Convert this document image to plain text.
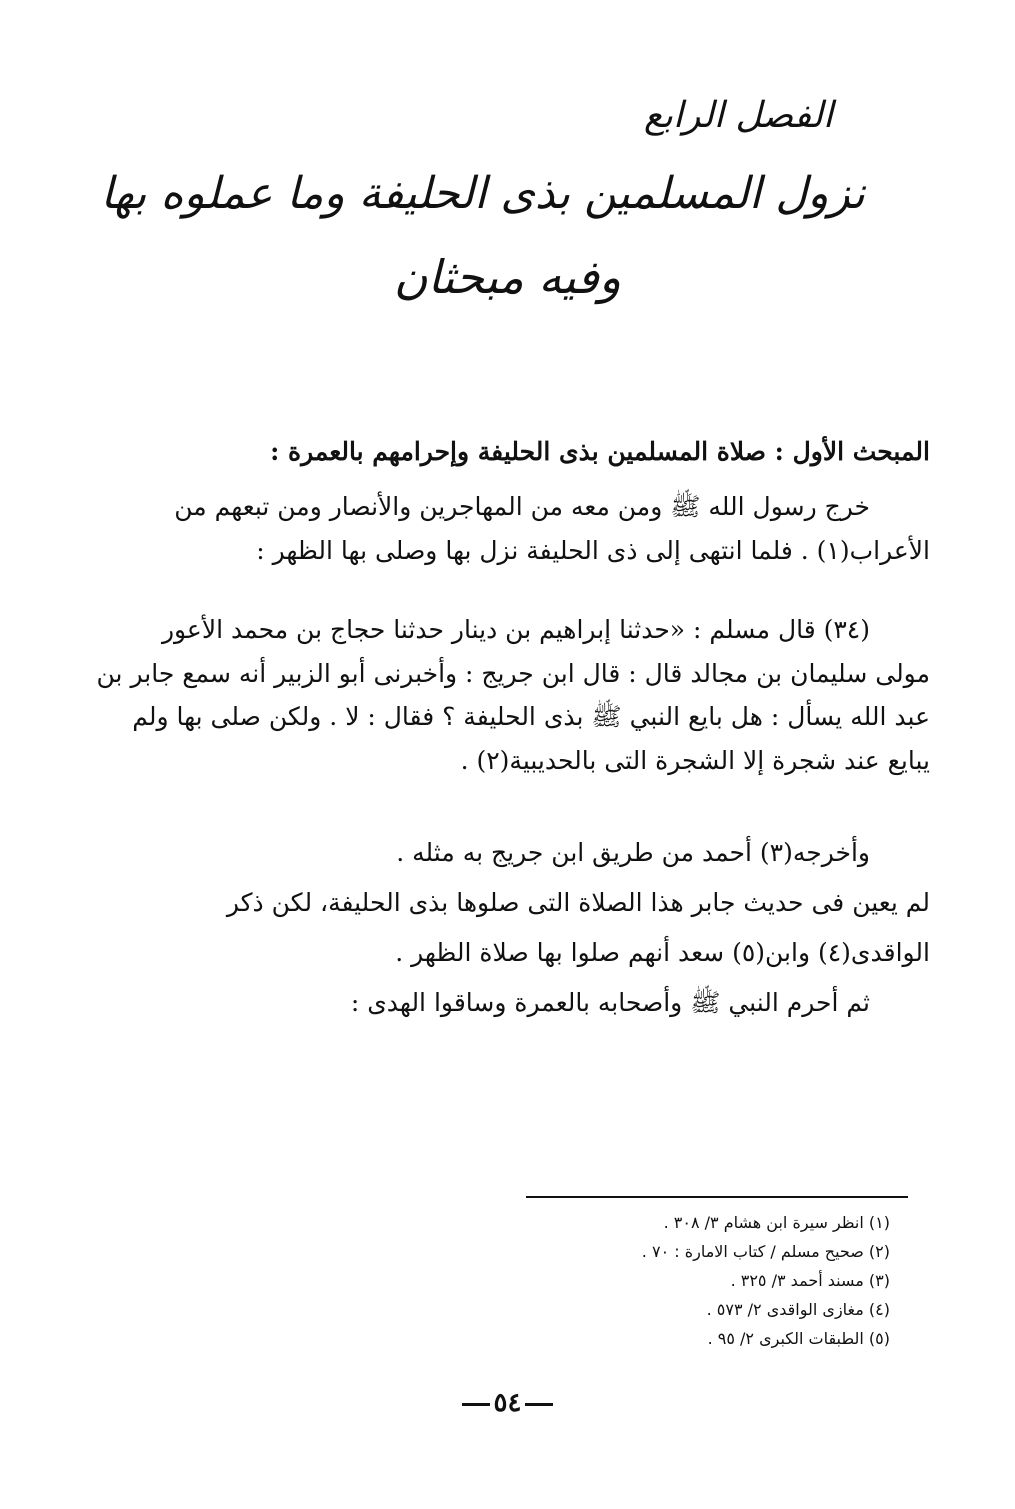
الفصل الرابع
نزول المسلمين بذى الحليفة وما عملوه بها
وفيه مبحثان
المبحث الأول : صلاة المسلمين بذى الحليفة وإحرامهم بالعمرة :
خرج رسول الله ﷺ ومن معه من المهاجرين والأنصار ومن تبعهم من
الأعراب(١) . فلما انتهى إلى ذى الحليفة نزل بها وصلى بها الظهر :
(٣٤) قال مسلم : «حدثنا إبراهيم بن دينار حدثنا حجاج بن محمد الأعور
مولى سليمان بن مجالد قال : قال ابن جريج : وأخبرنى أبو الزبير أنه سمع جابر بن
عبد الله يسأل : هل بايع النبي ﷺ بذى الحليفة ؟ فقال : لا . ولكن صلى بها ولم
يبايع عند شجرة إلا الشجرة التى بالحديبية(٢) .
وأخرجه(٣) أحمد من طريق ابن جريج به مثله .
لم يعين فى حديث جابر هذا الصلاة التى صلوها بذى الحليفة، لكن ذكر
الواقدى(٤) وابن(٥) سعد أنهم صلوا بها صلاة الظهر .
ثم أحرم النبي ﷺ وأصحابه بالعمرة وساقوا الهدى :
(١) انظر سيرة ابن هشام ٣/ ٣٠٨ .
(٢) صحيح مسلم / كتاب الامارة : ٧٠ .
(٣) مسند أحمد ٣/ ٣٢٥ .
(٤) مغازى الواقدى ٢/ ٥٧٣ .
(٥) الطبقات الكبرى ٢/ ٩٥ .
٥٤
